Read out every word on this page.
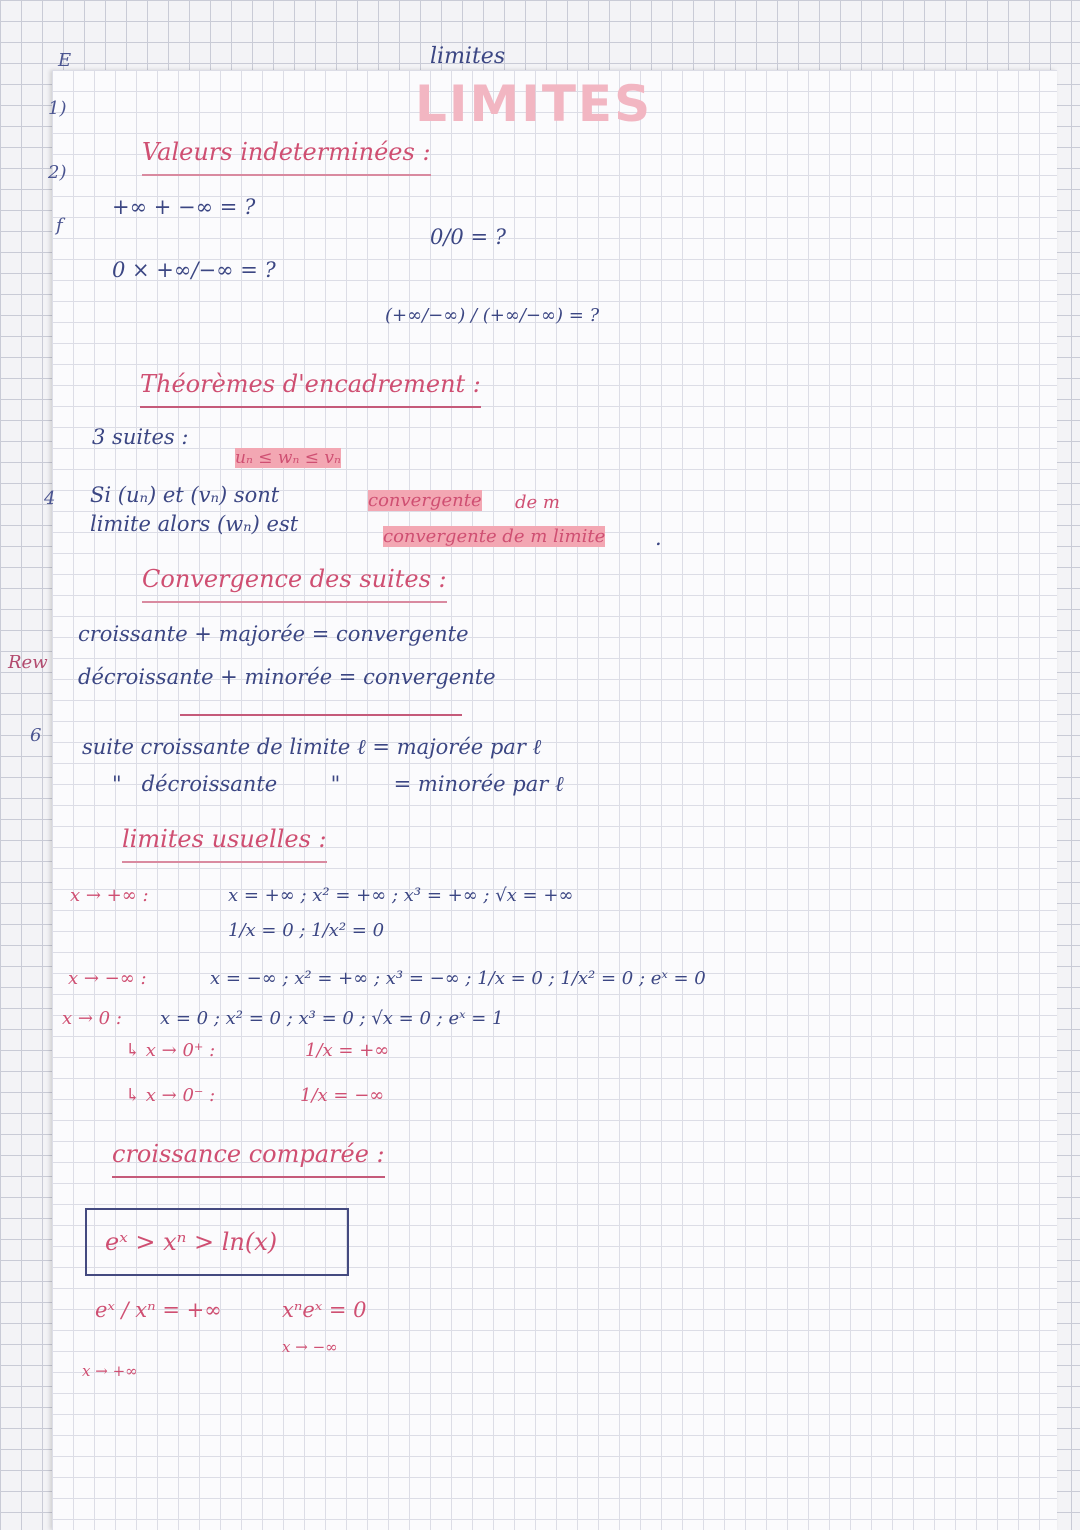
E
1)
2)
f
4
Rew
6
LIMITES
limites
Valeurs indeterminées :
+∞ + −∞ = ?
0 × +∞/−∞ = ?
0/0 = ?
(+∞/−∞) / (+∞/−∞) = ?
Théorèmes d'encadrement :
3 suites :
uₙ ≤ wₙ ≤ vₙ
Si (uₙ) et (vₙ) sont	convergente de m
limite alors (wₙ) est
convergente de m limite .
Convergence des suites :
croissante + majorée = convergente
décroissante + minorée = convergente
suite croissante de limite ℓ = majorée par ℓ
"   décroissante        "        = minorée par ℓ
limites usuelles :
x → +∞ :	x = +∞ ; x² = +∞ ; x³ = +∞ ; √x = +∞
1/x = 0 ; 1/x² = 0
x → −∞ :	x = −∞ ; x² = +∞ ; x³ = −∞ ; 1/x = 0 ; 1/x² = 0 ; eˣ = 0
x → 0 : x = 0 ; x² = 0 ; x³ = 0 ; √x = 0 ; eˣ = 1
↳ x → 0⁺ :	1/x = +∞
↳ x → 0⁻ :	1/x = −∞
croissance comparée :
eˣ > xⁿ > ln(x)
eˣ / xⁿ = +∞
x → +∞
xⁿeˣ = 0
x → −∞
